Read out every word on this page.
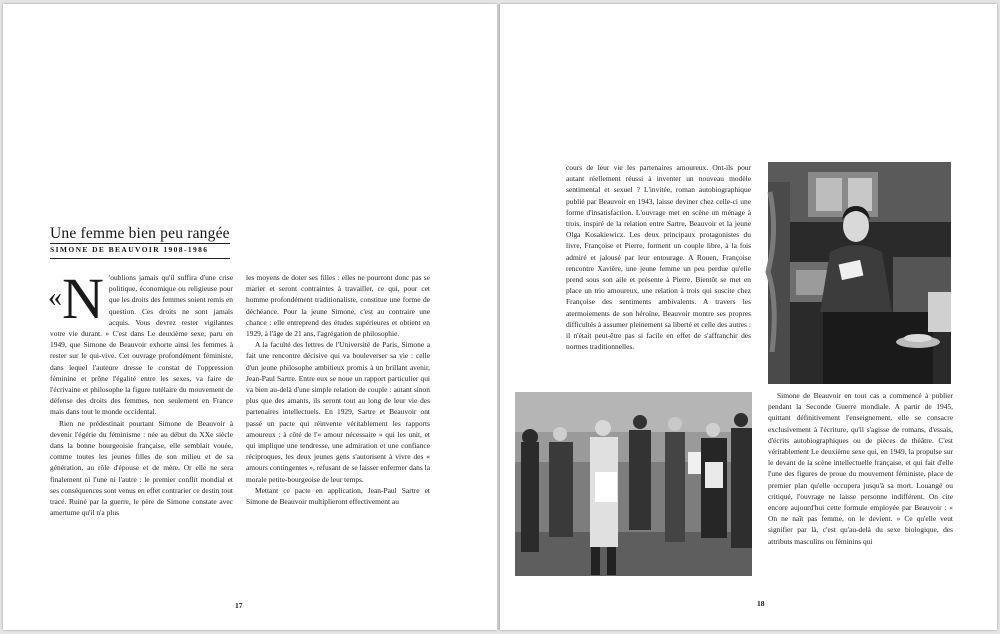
Une femme bien peu rangée
SIMONE DE BEAUVOIR 1908-1986

« N 'oublions jamais qu'il suffira d'une crise politique, économique ou religieuse pour que les droits des femmes soient remis en question. Ces droits ne sont jamais acquis. Vous devrez rester vigilantes votre vie durant. » C'est dans Le deuxième sexe, paru en 1949, que Simone de Beauvoir exhorte ainsi les femmes à rester sur le qui-vive. Cet ouvrage profondément féministe, dans lequel l'auteure dresse le constat de l'oppression féminine et prône l'égalité entre les sexes, va faire de l'écrivaine et philosophe la figure tutélaire du mouvement de défense des droits des femmes, non seulement en France mais dans tout le monde occidental.

Rien ne prédestinait pourtant Simone de Beauvoir à devenir l'égérie du féminisme : née au début du XXe siècle dans la bonne bourgeoisie française, elle semblait vouée, comme toutes les jeunes filles de son milieu et de sa génération, au rôle d'épouse et de mère. Or elle ne sera finalement ni l'une ni l'autre : le premier conflit mondial et ses conséquences sont venus en effet contrarier ce destin tout tracé. Ruiné par la guerre, le père de Simone constate avec amertume qu'il n'a plus

les moyens de doter ses filles : elles ne pourront donc pas se marier et seront contraintes à travailler, ce qui, pour cet homme profondément traditionaliste, constitue une forme de déchéance. Pour la jeune Simone, c'est au contraire une chance : elle entreprend des études supérieures et obtient en 1929, à l'âge de 21 ans, l'agrégation de philosophie.

A la faculté des lettres de l'Université de Paris, Simone a fait une rencontre décisive qui va bouleverser sa vie : celle d'un jeune philosophe ambitieux promis à un brillant avenir, Jean-Paul Sartre. Entre eux se noue un rapport particulier qui va bien au-delà d'une simple relation de couple : autant sinon plus que des amants, ils seront tout au long de leur vie des partenaires intellectuels. En 1929, Sartre et Beauvoir ont passé un pacte qui réinvente véritablement les rapports amoureux : à côté de l'« amour nécessaire » qui les unit, et qui implique une tendresse, une admiration et une confiance réciproques, les deux jeunes gens s'autorisent à vivre des « amours contingentes », refusant de se laisser enfermer dans la morale petite-bourgeoise de leur temps.

Mettant ce pacte en application, Jean-Paul Sartre et Simone de Beauvoir multiplieront effectivement au

17

cours de leur vie les partenaires amoureux. Ont-ils pour autant réellement réussi à inventer un nouveau modèle sentimental et sexuel ? L'invitée, roman autobiographique publié par Beauvoir en 1943, laisse deviner chez celle-ci une forme d'insatisfaction. L'ouvrage met en scène un ménage à trois, inspiré de la relation entre Sartre, Beauvoir et la jeune Olga Kosakiewicz. Les deux principaux protagonistes du livre, Françoise et Pierre, forment un couple libre, à la fois admiré et jalousé par leur entourage. A Rouen, Françoise rencontre Xavière, une jeune femme un peu perdue qu'elle prend sous son aile et présente à Pierre. Bientôt se met en place un trio amoureux, une relation à trois qui suscite chez Françoise des sentiments ambivalents. A travers les atermoiements de son héroïne, Beauvoir montre ses propres difficultés à assumer pleinement sa liberté et celle des autres : il n'était peut-être pas si facile en effet de s'affranchir des normes traditionnelles.

Simone de Beauvoir en tout cas a commencé à publier pendant la Seconde Guerre mondiale. A partir de 1945, quittant définitivement l'enseignement, elle se consacre exclusivement à l'écriture, qu'il s'agisse de romans, d'essais, d'écrits autobiographiques ou de pièces de théâtre. C'est véritablement Le deuxième sexe qui, en 1949, la propulse sur le devant de la scène intellectuelle française, et qui fait d'elle l'une des figures de proue du mouvement féministe, place de premier plan qu'elle occupera jusqu'à sa mort. Louangé ou critiqué, l'ouvrage ne laisse personne indifférent. On cite encore aujourd'hui cette formule employée par Beauvoir : « On ne naît pas femme, on le devient. » Ce qu'elle veut signifier par là, c'est qu'au-delà du sexe biologique, des attributs masculins ou féminins qui

18
